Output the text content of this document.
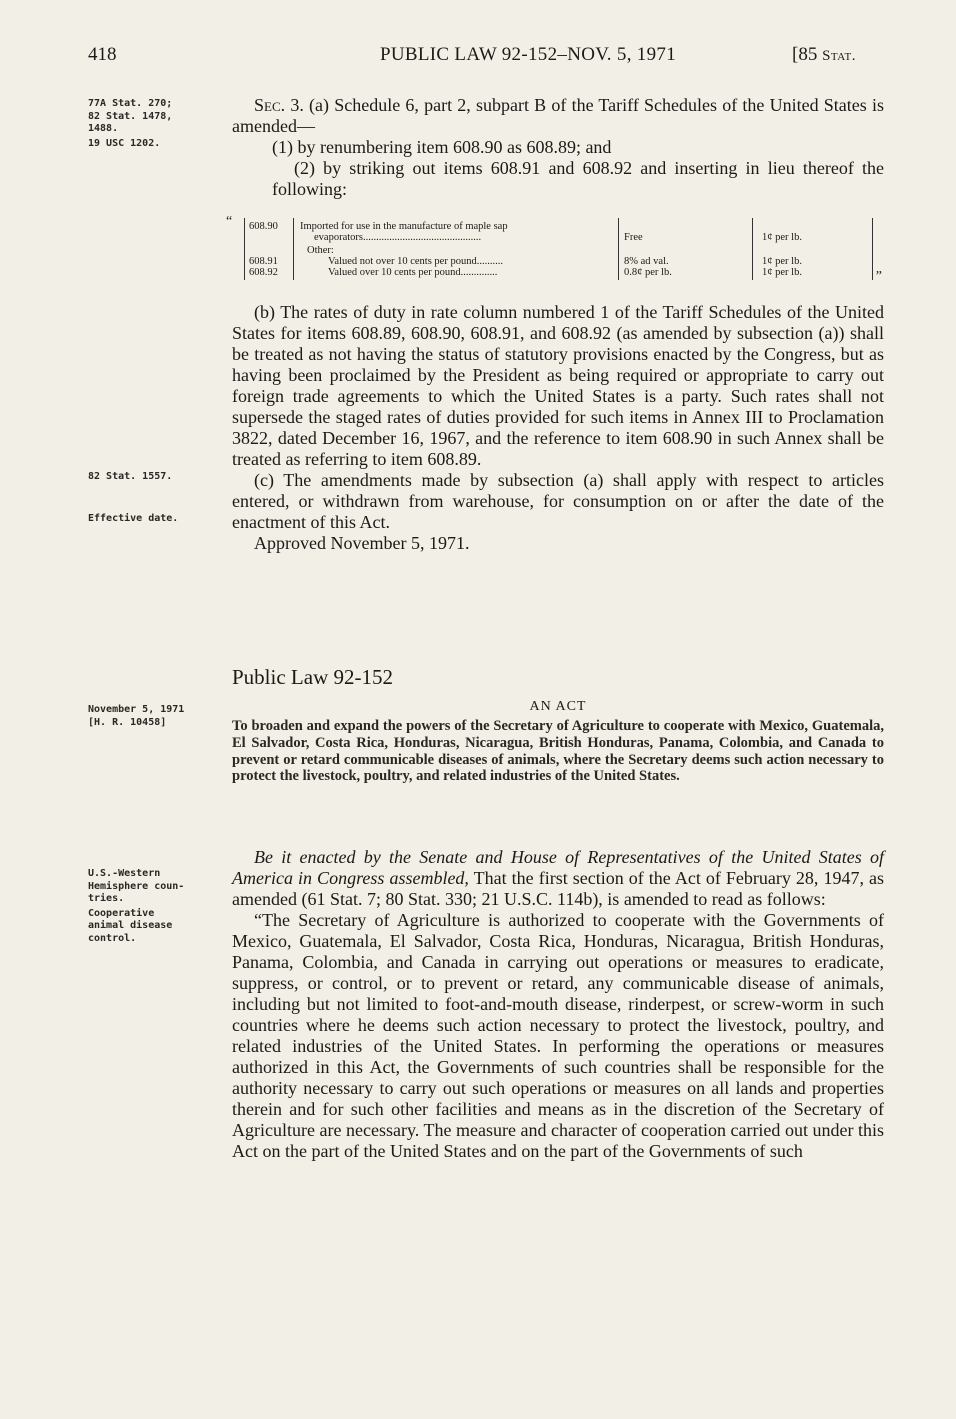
418	PUBLIC LAW 92-152–NOV. 5, 1971	[85 Stat.
77A Stat. 270;
82 Stat. 1478,
1488.
19 USC 1202.
82 Stat. 1557.
Effective date.
November 5, 1971
[H. R. 10458]
U.S.-Western
Hemisphere coun-
tries.
Cooperative
animal disease
control.

Sec. 3. (a) Schedule 6, part 2, subpart B of the Tariff Schedules of the United States is amended—

(1) by renumbering item 608.90 as 608.89; and

(2) by striking out items 608.91 and 608.92 and inserting in lieu thereof the following:

“ 608.90 Imported for use in the manufacture of maple sap
evaporators.............................................	Free	1¢ per lb.
Other:
608.91	Valued not over 10 cents per pound..........	8% ad val.	1¢ per lb.
608.92	Valued over 10 cents per pound..............	0.8¢ per lb.	1¢ per lb.	”

(b) The rates of duty in rate column numbered 1 of the Tariff Schedules of the United States for items 608.89, 608.90, 608.91, and 608.92 (as amended by subsection (a)) shall be treated as not having the status of statutory provisions enacted by the Congress, but as having been proclaimed by the President as being required or appropriate to carry out foreign trade agreements to which the United States is a party. Such rates shall not supersede the staged rates of duties provided for such items in Annex III to Proclamation 3822, dated December 16, 1967, and the reference to item 608.90 in such Annex shall be treated as referring to item 608.89.

(c) The amendments made by subsection (a) shall apply with respect to articles entered, or withdrawn from warehouse, for consumption on or after the date of the enactment of this Act.

Approved November 5, 1971.

Public Law 92-152
AN ACT

To broaden and expand the powers of the Secretary of Agriculture to cooperate with Mexico, Guatemala, El Salvador, Costa Rica, Honduras, Nicaragua, British Honduras, Panama, Colombia, and Canada to prevent or retard communicable diseases of animals, where the Secretary deems such action necessary to protect the livestock, poultry, and related industries of the United States.

Be it enacted by the Senate and House of Representatives of the United States of America in Congress assembled, That the first section of the Act of February 28, 1947, as amended (61 Stat. 7; 80 Stat. 330; 21 U.S.C. 114b), is amended to read as follows:

“The Secretary of Agriculture is authorized to cooperate with the Governments of Mexico, Guatemala, El Salvador, Costa Rica, Honduras, Nicaragua, British Honduras, Panama, Colombia, and Canada in carrying out operations or measures to eradicate, suppress, or control, or to prevent or retard, any communicable disease of animals, including but not limited to foot-and-mouth disease, rinderpest, or screw-worm in such countries where he deems such action necessary to protect the livestock, poultry, and related industries of the United States. In performing the operations or measures authorized in this Act, the Governments of such countries shall be responsible for the authority necessary to carry out such operations or measures on all lands and properties therein and for such other facilities and means as in the discretion of the Secretary of Agriculture are necessary. The measure and character of cooperation carried out under this Act on the part of the United States and on the part of the Governments of such
